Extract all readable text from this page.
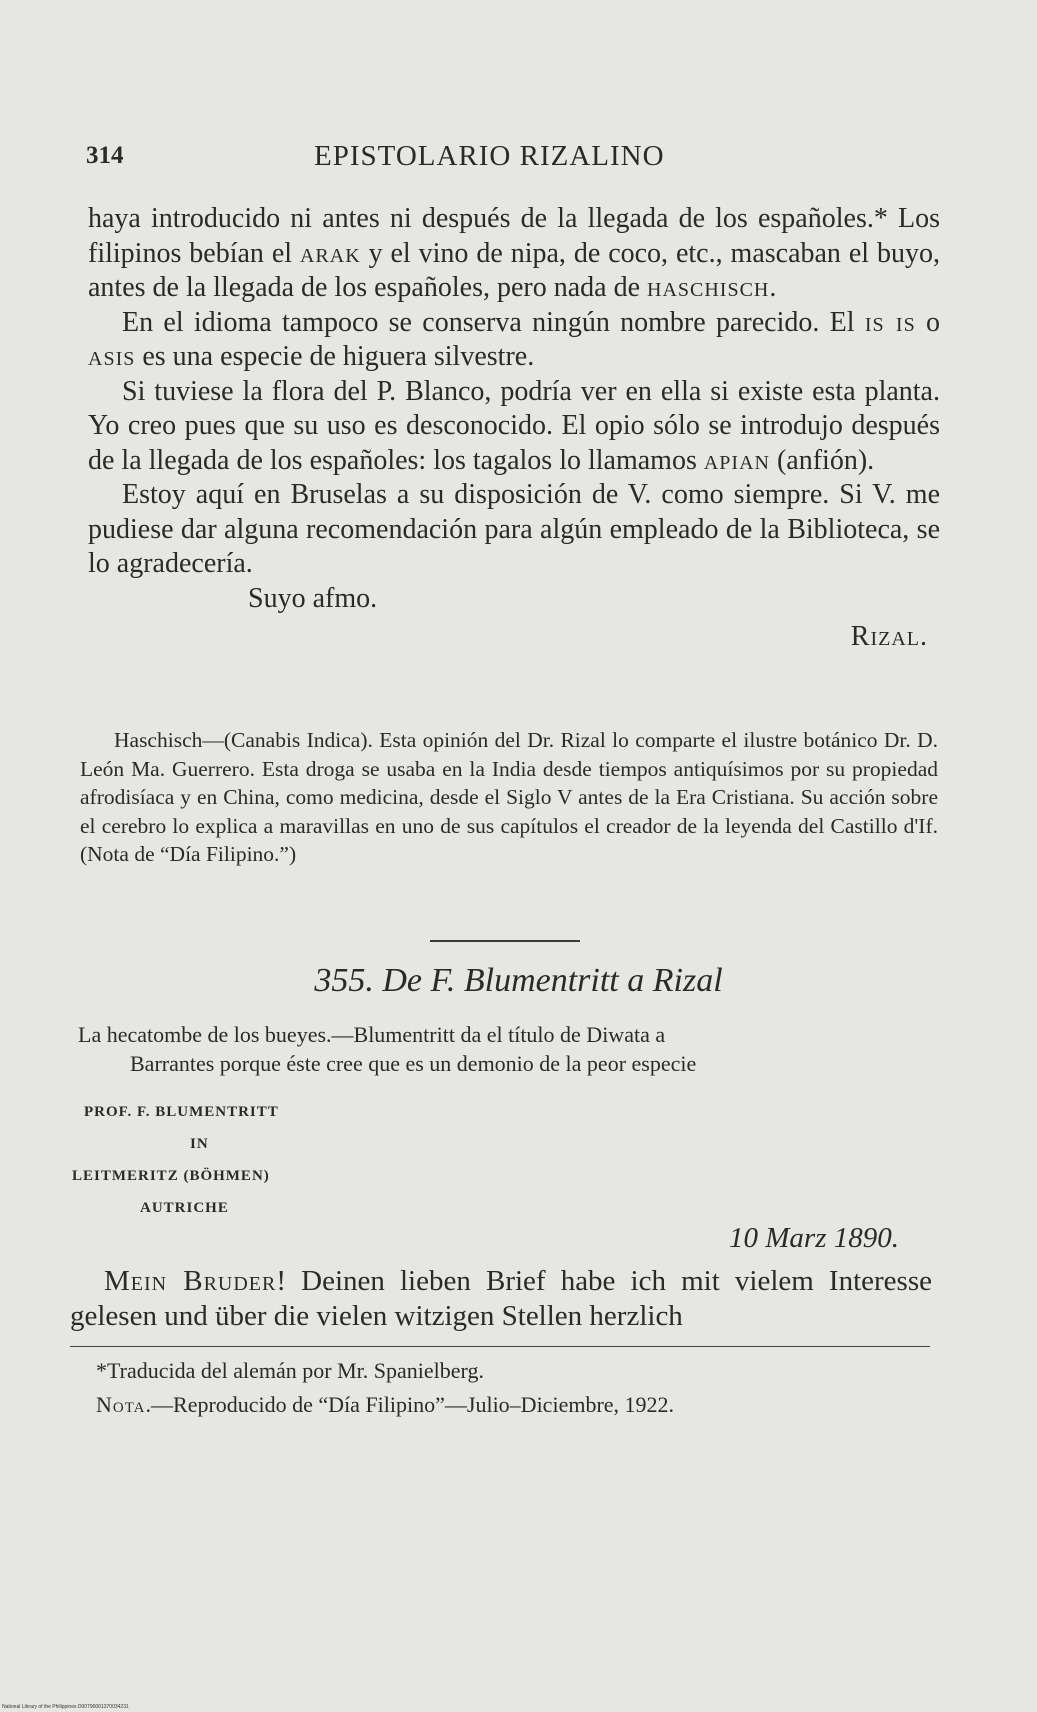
314	EPISTOLARIO RIZALINO

haya introducido ni antes ni después de la llegada de los españoles.* Los filipinos bebían el arak y el vino de nipa, de coco, etc., mascaban el buyo, antes de la llegada de los españoles, pero nada de haschisch.

En el idioma tampoco se conserva ningún nombre parecido. El is is o asis es una especie de higuera silvestre.

Si tuviese la flora del P. Blanco, podría ver en ella si existe esta planta. Yo creo pues que su uso es desconocido. El opio sólo se introdujo después de la llegada de los españoles: los tagalos lo llamamos apian (anfión).

Estoy aquí en Bruselas a su disposición de V. como siempre. Si V. me pudiese dar alguna recomendación para algún empleado de la Biblioteca, se lo agradecería.

Suyo afmo.

Rizal.

Haschisch—(Canabis Indica). Esta opinión del Dr. Rizal lo comparte el ilustre botánico Dr. D. León Ma. Guerrero. Esta droga se usaba en la India desde tiempos antiquísimos por su propiedad afrodisíaca y en China, como medicina, desde el Siglo V antes de la Era Cristiana. Su acción sobre el cerebro lo explica a maravillas en uno de sus capítulos el creador de la leyenda del Castillo d'If. (Nota de “Día Filipino.”)

355. De F. Blumentritt a Rizal
La hecatombe de los bueyes.—Blumentritt da el título de Diwata a
Barrantes porque éste cree que es un demonio de la peor especie
PROF. F. BLUMENTRITT
IN
LEITMERITZ (BÖHMEN)
AUTRICHE
10 Marz 1890.

Mein Bruder! Deinen lieben Brief habe ich mit vielem Interesse gelesen und über die vielen witzigen Stellen herzlich

*Traducida del alemán por Mr. Spanielberg.

Nota.—Reproducido de “Día Filipino”—Julio–Diciembre, 1922.

National Library of the Philippines D00790001370034231
